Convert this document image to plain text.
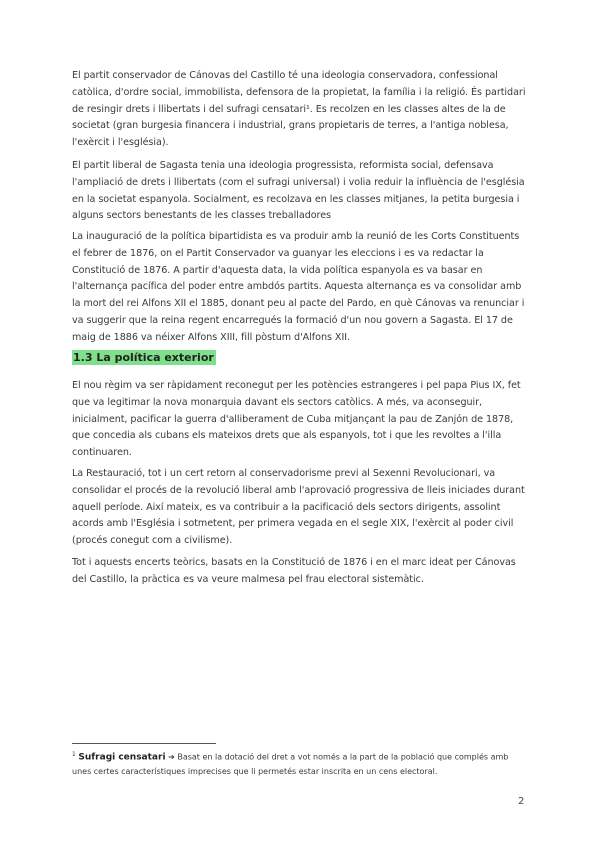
El partit conservador de Cánovas del Castillo té una ideologia conservadora, confessional catòlica, d'ordre social, immobilista, defensora de la propietat, la família i la religió. És partidari de resingir drets i llibertats i del sufragi censatari¹. Es recolzen en les classes altes de la de societat (gran burgesia financera i industrial, grans propietaris de terres, a l'antiga noblesa, l'exèrcit i l'església).

El partit liberal de Sagasta tenia una ideologia progressista, reformista social, defensava l'ampliació de drets i llibertats (com el sufragi universal) i volia reduir la influència de l'església en la societat espanyola. Socialment, es recolzava en les classes mitjanes, la petita burgesia i alguns sectors benestants de les classes treballadores

La inauguració de la política bipartidista es va produir amb la reunió de les Corts Constituents el febrer de 1876, on el Partit Conservador va guanyar les eleccions i es va redactar la Constitució de 1876. A partir d'aquesta data, la vida política espanyola es va basar en l'alternança pacífica del poder entre ambdós partits. Aquesta alternança es va consolidar amb la mort del rei Alfons XII el 1885, donant peu al pacte del Pardo, en què Cánovas va renunciar i va suggerir que la reina regent encarregués la formació d'un nou govern a Sagasta. El 17 de maig de 1886 va néixer Alfons XIII, fill pòstum d'Alfons XII.

1.3 La política exterior

El nou règim va ser ràpidament reconegut per les potències estrangeres i pel papa Pius IX, fet que va legitimar la nova monarquia davant els sectors catòlics. A més, va aconseguir, inicialment, pacificar la guerra d'alliberament de Cuba mitjançant la pau de Zanjón de 1878, que concedia als cubans els mateixos drets que als espanyols, tot i que les revoltes a l'illa continuaren.

La Restauració, tot i un cert retorn al conservadorisme previ al Sexenni Revolucionari, va consolidar el procés de la revolució liberal amb l'aprovació progressiva de lleis iniciades durant aquell període. Així mateix, es va contribuir a la pacificació dels sectors dirigents, assolint acords amb l'Església i sotmetent, per primera vegada en el segle XIX, l'exèrcit al poder civil (procés conegut com a civilisme).

Tot i aquests encerts teòrics, basats en la Constitució de 1876 i en el marc ideat per Cánovas del Castillo, la pràctica es va veure malmesa pel frau electoral sistemàtic.

$^1$ Sufragi censatari ➔ Basat en la dotació del dret a vot només a la part de la població que complés amb unes certes característiques imprecises que li permetés estar inscrita en un cens electoral.

2
